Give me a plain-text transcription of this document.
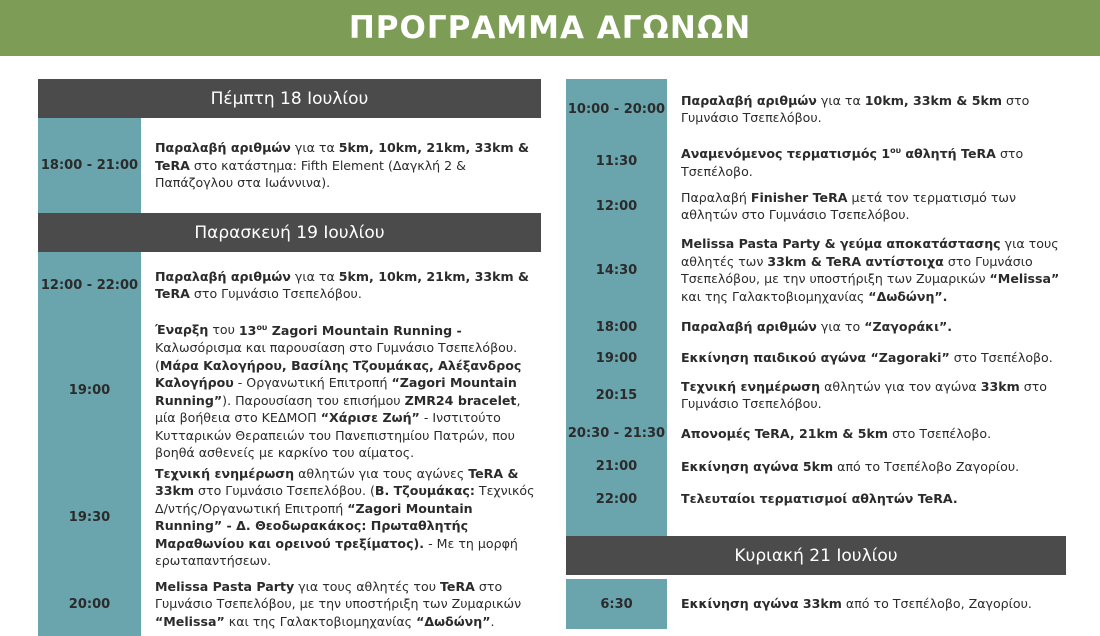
ΠΡΟΓΡΑΜΜΑ ΑΓΩΝΩΝ
Πέμπτη 18 Ιουλίου
18:00 - 21:00
Παραλαβή αριθμών για τα 5km, 10km, 21km, 33km & TeRA στο κατάστημα: Fifth Element (Δαγκλή 2 & Παπάζογλου στα Ιωάννινα).
Παρασκευή 19 Ιουλίου
12:00 - 22:00
Παραλαβή αριθμών για τα 5km, 10km, 21km, 33km & TeRA στο Γυμνάσιο Τσεπελόβου.
19:00
Έναρξη του $13^{o\upsilon}$ Zagori Mountain Running - Καλωσόρισμα και παρουσίαση στο Γυμνάσιο Τσεπελόβου. (Μάρα Καλογήρου, Βασίλης Τζουμάκας, Αλέξανδρος Καλογήρου - Οργανωτική Επιτροπή “Zagori Mountain Running”). Παρουσίαση του επισήμου ZMR24 bracelet, μία βοήθεια στο ΚΕΔΜΟΠ “Χάρισε Ζωή” - Ινστιτούτο Κυτταρικών Θεραπειών του Πανεπιστημίου Πατρών, που βοηθά ασθενείς με καρκίνο του αίματος.
19:30
Τεχνική ενημέρωση αθλητών για τους αγώνες TeRA & 33km στο Γυμνάσιο Τσεπελόβου. (Β. Τζουμάκας: Τεχνικός Δ/ντής/Οργανωτική Επιτροπή “Zagori Mountain Running” - Δ. Θεοδωρακάκος: Πρωταθλητής Μαραθωνίου και ορεινού τρεξίματος). - Με τη μορφή ερωταπαντήσεων.
20:00
Melissa Pasta Party για τους αθλητές του TeRA στο Γυμνάσιο Τσεπελόβου, με την υποστήριξη των Ζυμαρικών “Melissa” και της Γαλακτοβιομηχανίας “Δωδώνη”.
10:00 - 20:00
Παραλαβή αριθμών για τα 10km, 33km & 5km στο Γυμνάσιο Τσεπελόβου.
11:30	Αναμενόμενος τερματισμός $1^{o\upsilon}$ αθλητή TeRA στο Τσεπέλοβο.
12:00
Παραλαβή Finisher TeRA μετά τον τερματισμό των αθλητών στο Γυμνάσιο Τσεπελόβου.
14:30
Melissa Pasta Party & γεύμα αποκατάστασης για τους αθλητές των 33km & TeRA αντίστοιχα στο Γυμνάσιο Τσεπελόβου, με την υποστήριξη των Ζυμαρικών “Melissa” και της Γαλακτοβιομηχανίας “Δωδώνη”.
18:00	Παραλαβή αριθμών για το “Ζαγοράκι”.
19:00	Εκκίνηση παιδικού αγώνα “Zagoraki” στο Τσεπέλοβο.
20:15
Τεχνική ενημέρωση αθλητών για τον αγώνα 33km στο Γυμνάσιο Τσεπελόβου.
20:30 - 21:30 Απονομές TeRA, 21km & 5km στο Τσεπέλοβο.
21:00	Εκκίνηση αγώνα 5km από το Τσεπέλοβο Ζαγορίου.
22:00	Τελευταίοι τερματισμοί αθλητών TeRA.
Κυριακή 21 Ιουλίου
6:30	Εκκίνηση αγώνα 33km από το Τσεπέλοβο, Ζαγορίου.
